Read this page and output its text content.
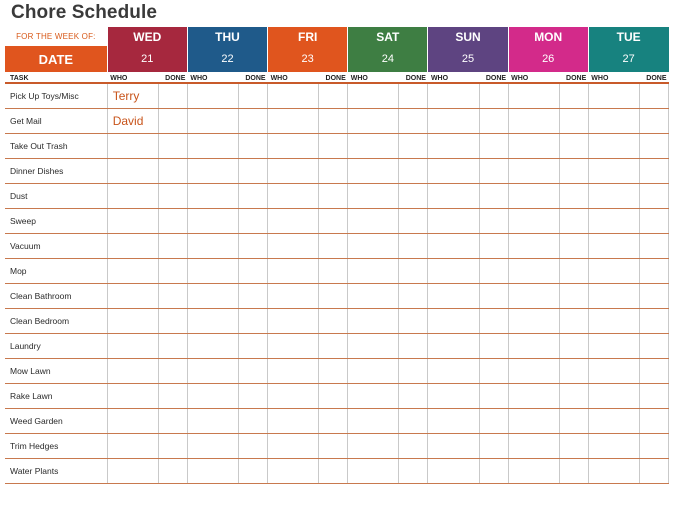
Chore Schedule
FOR THE WEEK OF:	WED		THU		FRI		SAT		SUN		MON		TUE	
DATE	21		22		23		24		25		26		27	
TASK	WHO	DONE	WHO	DONE	WHO	DONE	WHO	DONE	WHO	DONE	WHO	DONE	WHO	DONE
Pick Up Toys/Misc	Terry													
Get Mail	David													
Take Out Trash														
Dinner Dishes														
Dust														
Sweep														
Vacuum														
Mop														
Clean Bathroom														
Clean Bedroom														
Laundry														
Mow Lawn														
Rake Lawn														
Weed Garden														
Trim Hedges														
Water Plants														
